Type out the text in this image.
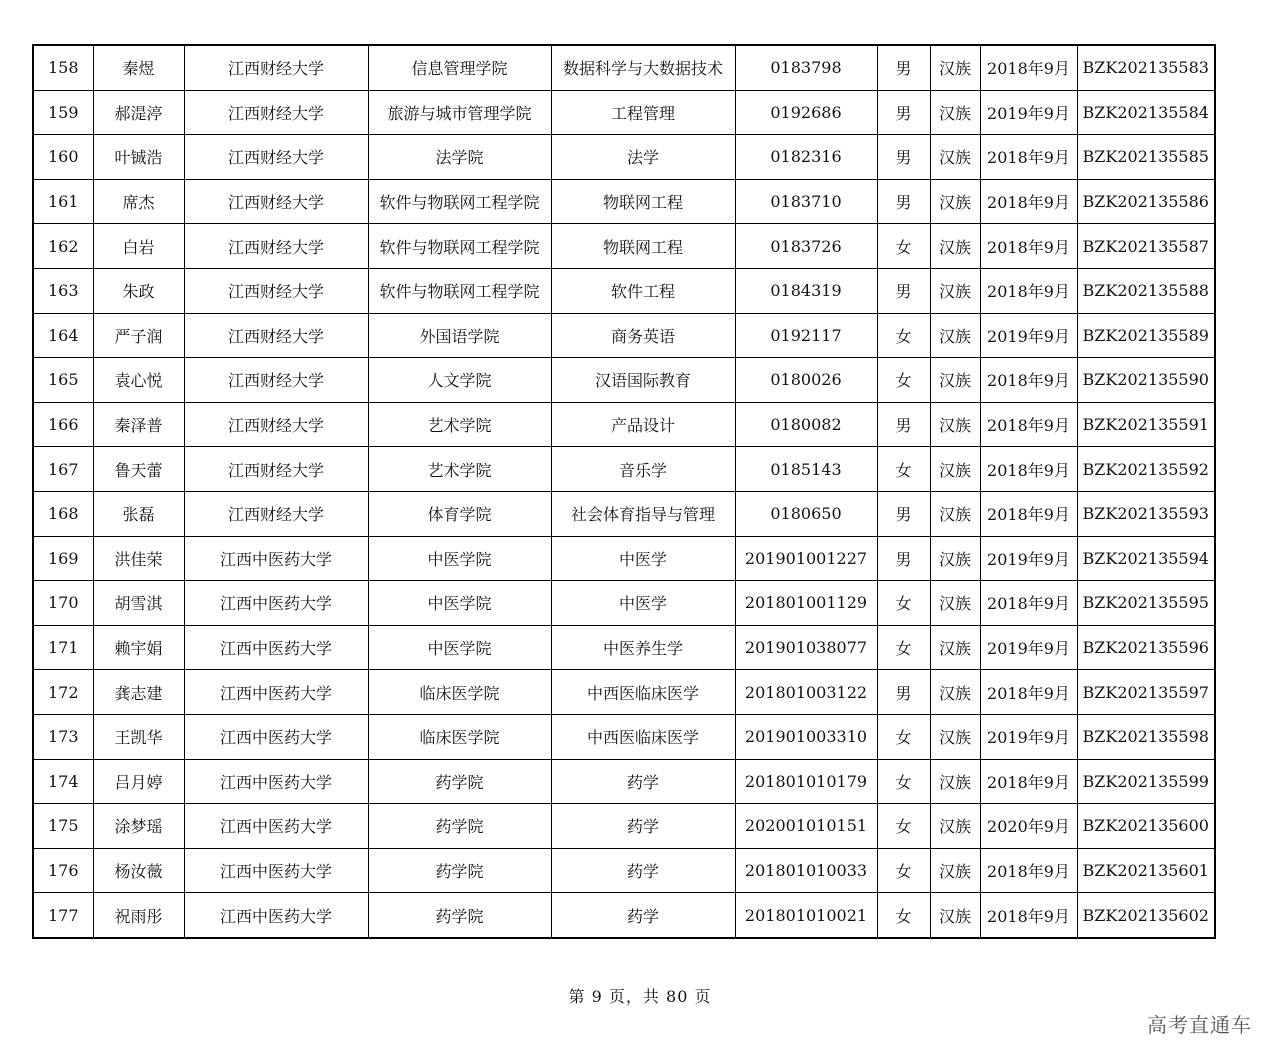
158	秦煜	江西财经大学	信息管理学院	数据科学与大数据技术	0183798	男	汉族	2018年9月	BZK202135583
159	郝湜渟	江西财经大学	旅游与城市管理学院	工程管理	0192686	男	汉族	2019年9月	BZK202135584
160	叶铖浩	江西财经大学	法学院	法学	0182316	男	汉族	2018年9月	BZK202135585
161	席杰	江西财经大学	软件与物联网工程学院	物联网工程	0183710	男	汉族	2018年9月	BZK202135586
162	白岩	江西财经大学	软件与物联网工程学院	物联网工程	0183726	女	汉族	2018年9月	BZK202135587
163	朱政	江西财经大学	软件与物联网工程学院	软件工程	0184319	男	汉族	2018年9月	BZK202135588
164	严子润	江西财经大学	外国语学院	商务英语	0192117	女	汉族	2019年9月	BZK202135589
165	袁心悦	江西财经大学	人文学院	汉语国际教育	0180026	女	汉族	2018年9月	BZK202135590
166	秦泽普	江西财经大学	艺术学院	产品设计	0180082	男	汉族	2018年9月	BZK202135591
167	鲁天蕾	江西财经大学	艺术学院	音乐学	0185143	女	汉族	2018年9月	BZK202135592
168	张磊	江西财经大学	体育学院	社会体育指导与管理	0180650	男	汉族	2018年9月	BZK202135593
169	洪佳荣	江西中医药大学	中医学院	中医学	201901001227	男	汉族	2019年9月	BZK202135594
170	胡雪淇	江西中医药大学	中医学院	中医学	201801001129	女	汉族	2018年9月	BZK202135595
171	赖宇娟	江西中医药大学	中医学院	中医养生学	201901038077	女	汉族	2019年9月	BZK202135596
172	龚志建	江西中医药大学	临床医学院	中西医临床医学	201801003122	男	汉族	2018年9月	BZK202135597
173	王凯华	江西中医药大学	临床医学院	中西医临床医学	201901003310	女	汉族	2019年9月	BZK202135598
174	吕月婷	江西中医药大学	药学院	药学	201801010179	女	汉族	2018年9月	BZK202135599
175	涂梦瑶	江西中医药大学	药学院	药学	202001010151	女	汉族	2020年9月	BZK202135600
176	杨汝薇	江西中医药大学	药学院	药学	201801010033	女	汉族	2018年9月	BZK202135601
177	祝雨彤	江西中医药大学	药学院	药学	201801010021	女	汉族	2018年9月	BZK202135602
第 9 页，共 80 页
高考直通车
